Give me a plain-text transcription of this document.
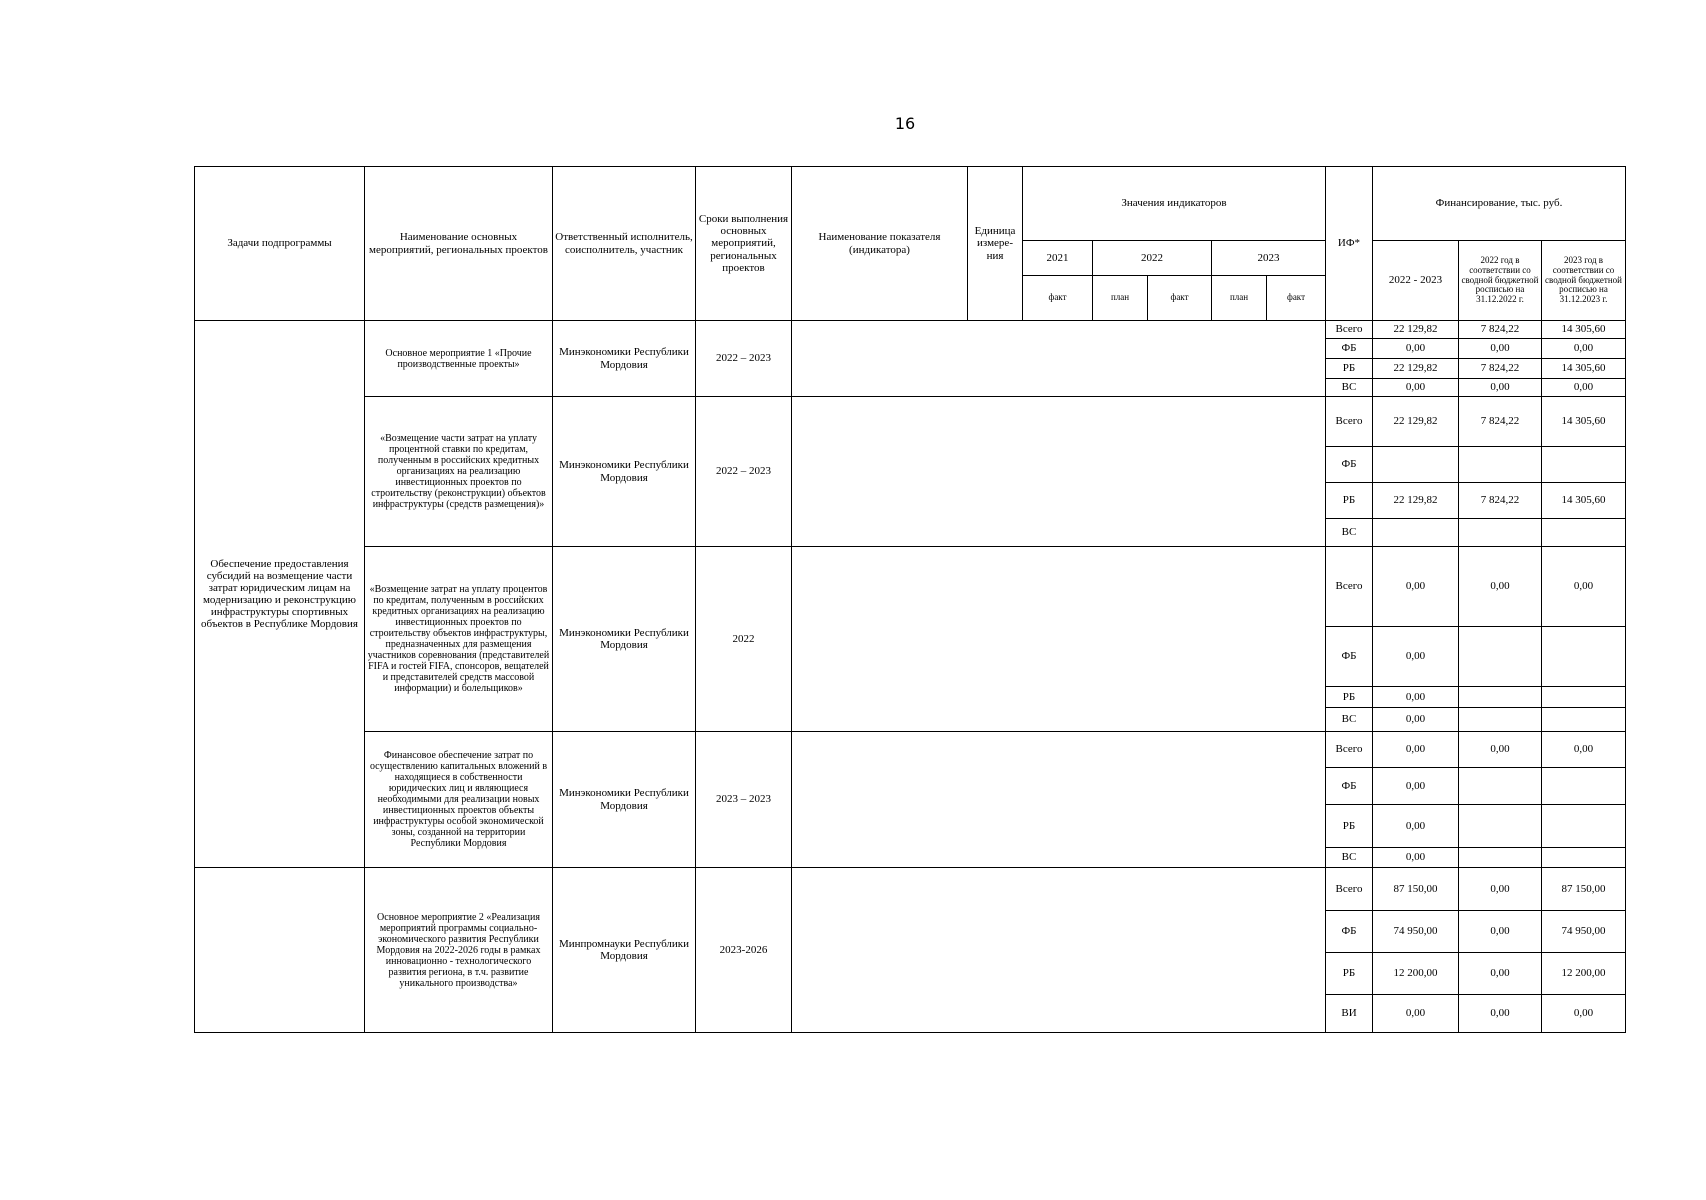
16
Задачи подпрограммы	Наименование основных мероприятий, региональных проектов	Ответственный исполнитель, соисполнитель, участник	Сроки выполнения основных мероприятий, региональных проектов	Наименование показателя (индикатора)	Единица измере-ния	Значения индикаторов					ИФ*	Финансирование, тыс. руб.		
						2021	2022		2023			2022 - 2023	2022 год в соответствии со сводной бюджетной росписью на 31.12.2022 г.	2023 год в соответствии со сводной бюджетной росписью на 31.12.2023 г.
						факт	план	факт	план	факт				
Обеспечение предоставления субсидий на возмещение части затрат юридическим лицам на модернизацию и реконструкцию инфраструктуры спортивных объектов в Республике Мордовия	Основное мероприятие 1 «Прочие производственные проекты»	Минэкономики Республики Мордовия	2022 – 2023								Всего	22 129,82	7 824,22	14 305,60
											ФБ	0,00	0,00	0,00
											РБ	22 129,82	7 824,22	14 305,60
											ВС	0,00	0,00	0,00
	«Возмещение части затрат на уплату процентной ставки по кредитам, полученным в российских кредитных организациях на реализацию инвестиционных проектов по строительству (реконструкции) объектов инфраструктуры (средств размещения)»	Минэкономики Республики Мордовия	2022 – 2023								Всего	22 129,82	7 824,22	14 305,60
											ФБ			
											РБ	22 129,82	7 824,22	14 305,60
											ВС			
	«Возмещение затрат на уплату процентов по кредитам, полученным в российских кредитных организациях на реализацию инвестиционных проектов по строительству объектов инфраструктуры, предназначенных для размещения участников соревнования (представителей FIFA и гостей FIFA, спонсоров, вещателей и представителей средств массовой информации) и болельщиков»	Минэкономики Республики Мордовия	2022								Всего	0,00	0,00	0,00
											ФБ	0,00		
											РБ	0,00		
											ВС	0,00		
	Финансовое обеспечение затрат по осуществлению капитальных вложений в находящиеся в собственности юридических лиц и являющиеся необходимыми для реализации новых инвестиционных проектов объекты инфраструктуры особой экономической зоны, созданной на территории Республики Мордовия	Минэкономики Республики Мордовия	2023 – 2023								Всего	0,00	0,00	0,00
											ФБ	0,00		
											РБ	0,00		
											ВС	0,00		
	Основное мероприятие 2 «Реализация мероприятий программы социально-экономического развития Республики Мордовия на 2022-2026 годы в рамках инновационно - технологического развития региона, в т.ч. развитие уникального производства»	Минпромнауки Республики Мордовия	2023-2026								Всего	87 150,00	0,00	87 150,00
											ФБ	74 950,00	0,00	74 950,00
											РБ	12 200,00	0,00	12 200,00
											ВИ	0,00	0,00	0,00
